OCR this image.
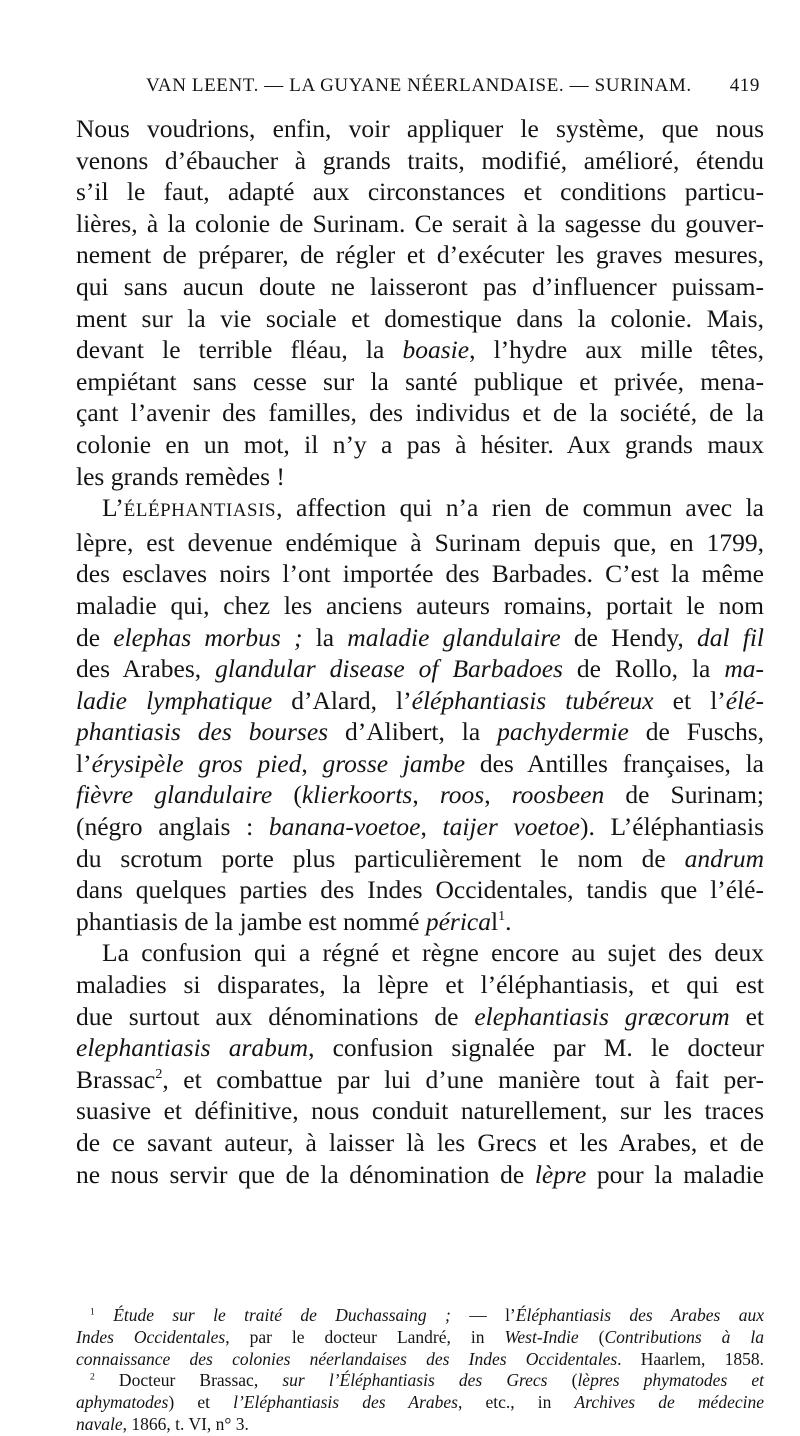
VAN LEENT. — LA GUYANE NÉERLANDAISE. — SURINAM. 419
Nous voudrions, enfin, voir appliquer le système, que nous
venons d’ébaucher à grands traits, modifié, amélioré, étendu
s’il le faut, adapté aux circonstances et conditions particu-
lières, à la colonie de Surinam. Ce serait à la sagesse du gouver-
nement de préparer, de régler et d’exécuter les graves mesures,
qui sans aucun doute ne laisseront pas d’influencer puissam-
ment sur la vie sociale et domestique dans la colonie. Mais,
devant le terrible fléau, la boasie, l’hydre aux mille têtes,
empiétant sans cesse sur la santé publique et privée, mena-
çant l’avenir des familles, des individus et de la société, de la
colonie en un mot, il n’y a pas à hésiter. Aux grands maux
les grands remèdes !
L’ÉLÉPHANTIASIS, affection qui n’a rien de commun avec la
lèpre, est devenue endémique à Surinam depuis que, en 1799,
des esclaves noirs l’ont importée des Barbades. C’est la même
maladie qui, chez les anciens auteurs romains, portait le nom
de elephas morbus ; la maladie glandulaire de Hendy, dal fil
des Arabes, glandular disease of Barbadoes de Rollo, la ma-
ladie lymphatique d’Alard, l’éléphantiasis tubéreux et l’élé-
phantiasis des bourses d’Alibert, la pachydermie de Fuschs,
l’érysipèle gros pied, grosse jambe des Antilles françaises, la
fièvre glandulaire (klierkoorts, roos, roosbeen de Surinam;
(négro anglais : banana-voetoe, taijer voetoe). L’éléphantiasis
du scrotum porte plus particulièrement le nom de andrum
dans quelques parties des Indes Occidentales, tandis que l’élé-
phantiasis de la jambe est nommé pérical$^1$.
La confusion qui a régné et règne encore au sujet des deux
maladies si disparates, la lèpre et l’éléphantiasis, et qui est
due surtout aux dénominations de elephantiasis græcorum et
elephantiasis arabum, confusion signalée par M. le docteur
Brassac$^2$, et combattue par lui d’une manière tout à fait per-
suasive et définitive, nous conduit naturellement, sur les traces
de ce savant auteur, à laisser là les Grecs et les Arabes, et de
ne nous servir que de la dénomination de lèpre pour la maladie
$^1$ Étude sur le traité de Duchassaing ; — l’Éléphantiasis des Arabes aux
Indes Occidentales, par le docteur Landré, in West-Indie (Contributions à la
connaissance des colonies néerlandaises des Indes Occidentales. Haarlem, 1858.
$^2$ Docteur Brassac, sur l’Éléphantiasis des Grecs (lèpres phymatodes et
aphymatodes) et l’Eléphantiasis des Arabes, etc., in Archives de médecine
navale, 1866, t. VI, n° 3.
